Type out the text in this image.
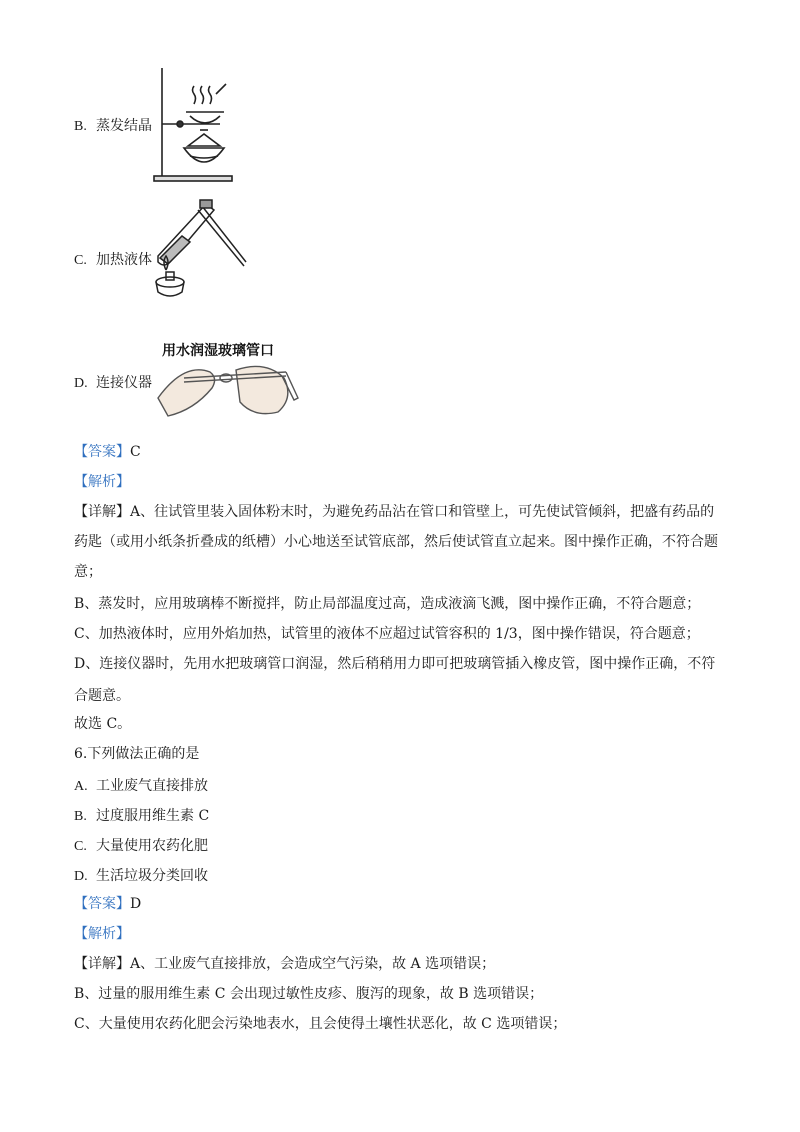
B. 蒸发结晶
C. 加热液体
用水润湿玻璃管口
D. 连接仪器
【答案】C
【解析】
【详解】A、往试管里装入固体粉末时，为避免药品沾在管口和管壁上，可先使试管倾斜，把盛有药品的
药匙（或用小纸条折叠成的纸槽）小心地送至试管底部，然后使试管直立起来。图中操作正确，不符合题
意；
B、蒸发时，应用玻璃棒不断搅拌，防止局部温度过高，造成液滴飞溅，图中操作正确，不符合题意；
C、加热液体时，应用外焰加热，试管里的液体不应超过试管容积的 1/3，图中操作错误，符合题意；
D、连接仪器时，先用水把玻璃管口润湿，然后稍稍用力即可把玻璃管插入橡皮管，图中操作正确，不符
合题意。
故选 C。
6.下列做法正确的是
A. 工业废气直接排放
B. 过度服用维生素 C
C. 大量使用农药化肥
D. 生活垃圾分类回收
【答案】D
【解析】
【详解】A、工业废气直接排放，会造成空气污染，故 A 选项错误；
B、过量的服用维生素 C 会出现过敏性皮疹、腹泻的现象，故 B 选项错误；
C、大量使用农药化肥会污染地表水，且会使得土壤性状恶化，故 C 选项错误；
